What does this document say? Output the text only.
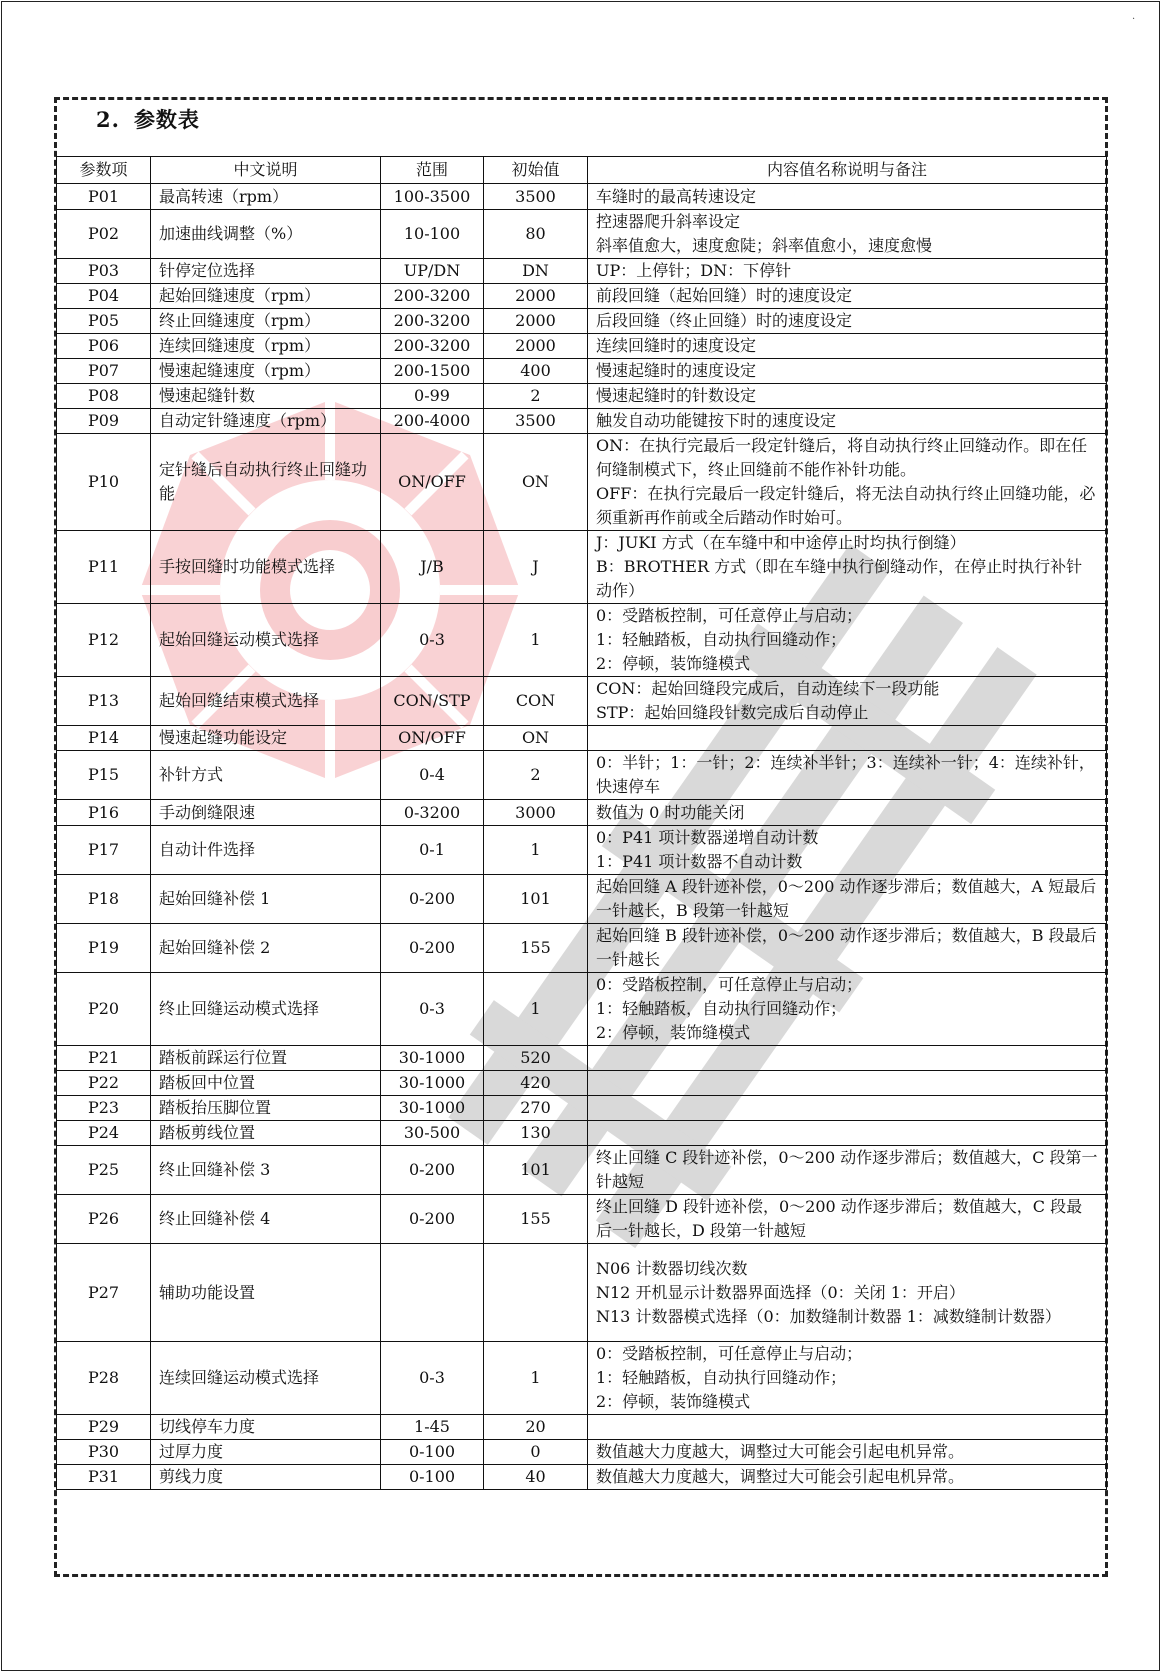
·
2. 参数表
参数项	中文说明	范围	初始值	内容值名称说明与备注
P01	最高转速（rpm）	100-3500	3500	车缝时的最高转速设定

P02	加速曲线调整（%）	10-100	80	控速器爬升斜率设定
斜率值愈大，速度愈陡；斜率值愈小，速度愈慢

P03	针停定位选择	UP/DN	DN	UP：上停针；DN：下停针

P04	起始回缝速度（rpm）	200-3200	2000	前段回缝（起始回缝）时的速度设定

P05	终止回缝速度（rpm）	200-3200	2000	后段回缝（终止回缝）时的速度设定

P06	连续回缝速度（rpm）	200-3200	2000	连续回缝时的速度设定

P07	慢速起缝速度（rpm）	200-1500	400	慢速起缝时的速度设定

P08	慢速起缝针数	0-99	2	慢速起缝时的针数设定

P09	自动定针缝速度（rpm）	200-4000	3500	触发自动功能键按下时的速度设定

P10	定针缝后自动执行终止回缝功能	ON/OFF	ON	ON：在执行完最后一段定针缝后，将自动执行终止回缝动作。即在任何缝制模式下，终止回缝前不能作补针功能。
OFF：在执行完最后一段定针缝后，将无法自动执行终止回缝功能，必须重新再作前或全后踏动作时始可。

P11	手按回缝时功能模式选择	J/B	J	J：JUKI 方式（在车缝中和中途停止时均执行倒缝）
B：BROTHER 方式（即在车缝中执行倒缝动作，在停止时执行补针动作）

P12	起始回缝运动模式选择	0-3	1	0：受踏板控制，可任意停止与启动；
1：轻触踏板，自动执行回缝动作；
2：停顿，装饰缝模式

P13	起始回缝结束模式选择	CON/STP	CON	CON：起始回缝段完成后，自动连续下一段功能
STP：起始回缝段针数完成后自动停止

P14	慢速起缝功能设定	ON/OFF	ON	
P15	补针方式	0-4	2	0：半针；1：一针；2：连续补半针；3：连续补一针；4：连续补针，快速停车

P16	手动倒缝限速	0-3200	3000	数值为 0 时功能关闭

P17	自动计件选择	0-1	1	0：P41 项计数器递增自动计数
1：P41 项计数器不自动计数

P18	起始回缝补偿 1	0-200	101	起始回缝 A 段针迹补偿，0～200 动作逐步滞后；数值越大，A 短最后一针越长，B 段第一针越短

P19	起始回缝补偿 2	0-200	155	起始回缝 B 段针迹补偿，0～200 动作逐步滞后；数值越大，B 段最后一针越长

P20	终止回缝运动模式选择	0-3	1	0：受踏板控制，可任意停止与启动；
1：轻触踏板，自动执行回缝动作；
2：停顿，装饰缝模式

P21	踏板前踩运行位置	30-1000	520	
P22	踏板回中位置	30-1000	420	
P23	踏板抬压脚位置	30-1000	270	
P24	踏板剪线位置	30-500	130	
P25	终止回缝补偿 3	0-200	101	终止回缝 C 段针迹补偿，0～200 动作逐步滞后；数值越大，C 段第一针越短

P26	终止回缝补偿 4	0-200	155	终止回缝 D 段针迹补偿，0～200 动作逐步滞后；数值越大，C 段最后一针越长，D 段第一针越短

P27	辅助功能设置			N06 计数器切线次数
N12 开机显示计数器界面选择（0：关闭 1：开启）
N13 计数器模式选择（0：加数缝制计数器 1：减数缝制计数器）

P28	连续回缝运动模式选择	0-3	1	0：受踏板控制，可任意停止与启动；
1：轻触踏板，自动执行回缝动作；
2：停顿，装饰缝模式

P29	切线停车力度	1-45	20	
P30	过厚力度	0-100	0	数值越大力度越大，调整过大可能会引起电机异常。

P31	剪线力度	0-100	40	数值越大力度越大，调整过大可能会引起电机异常。
